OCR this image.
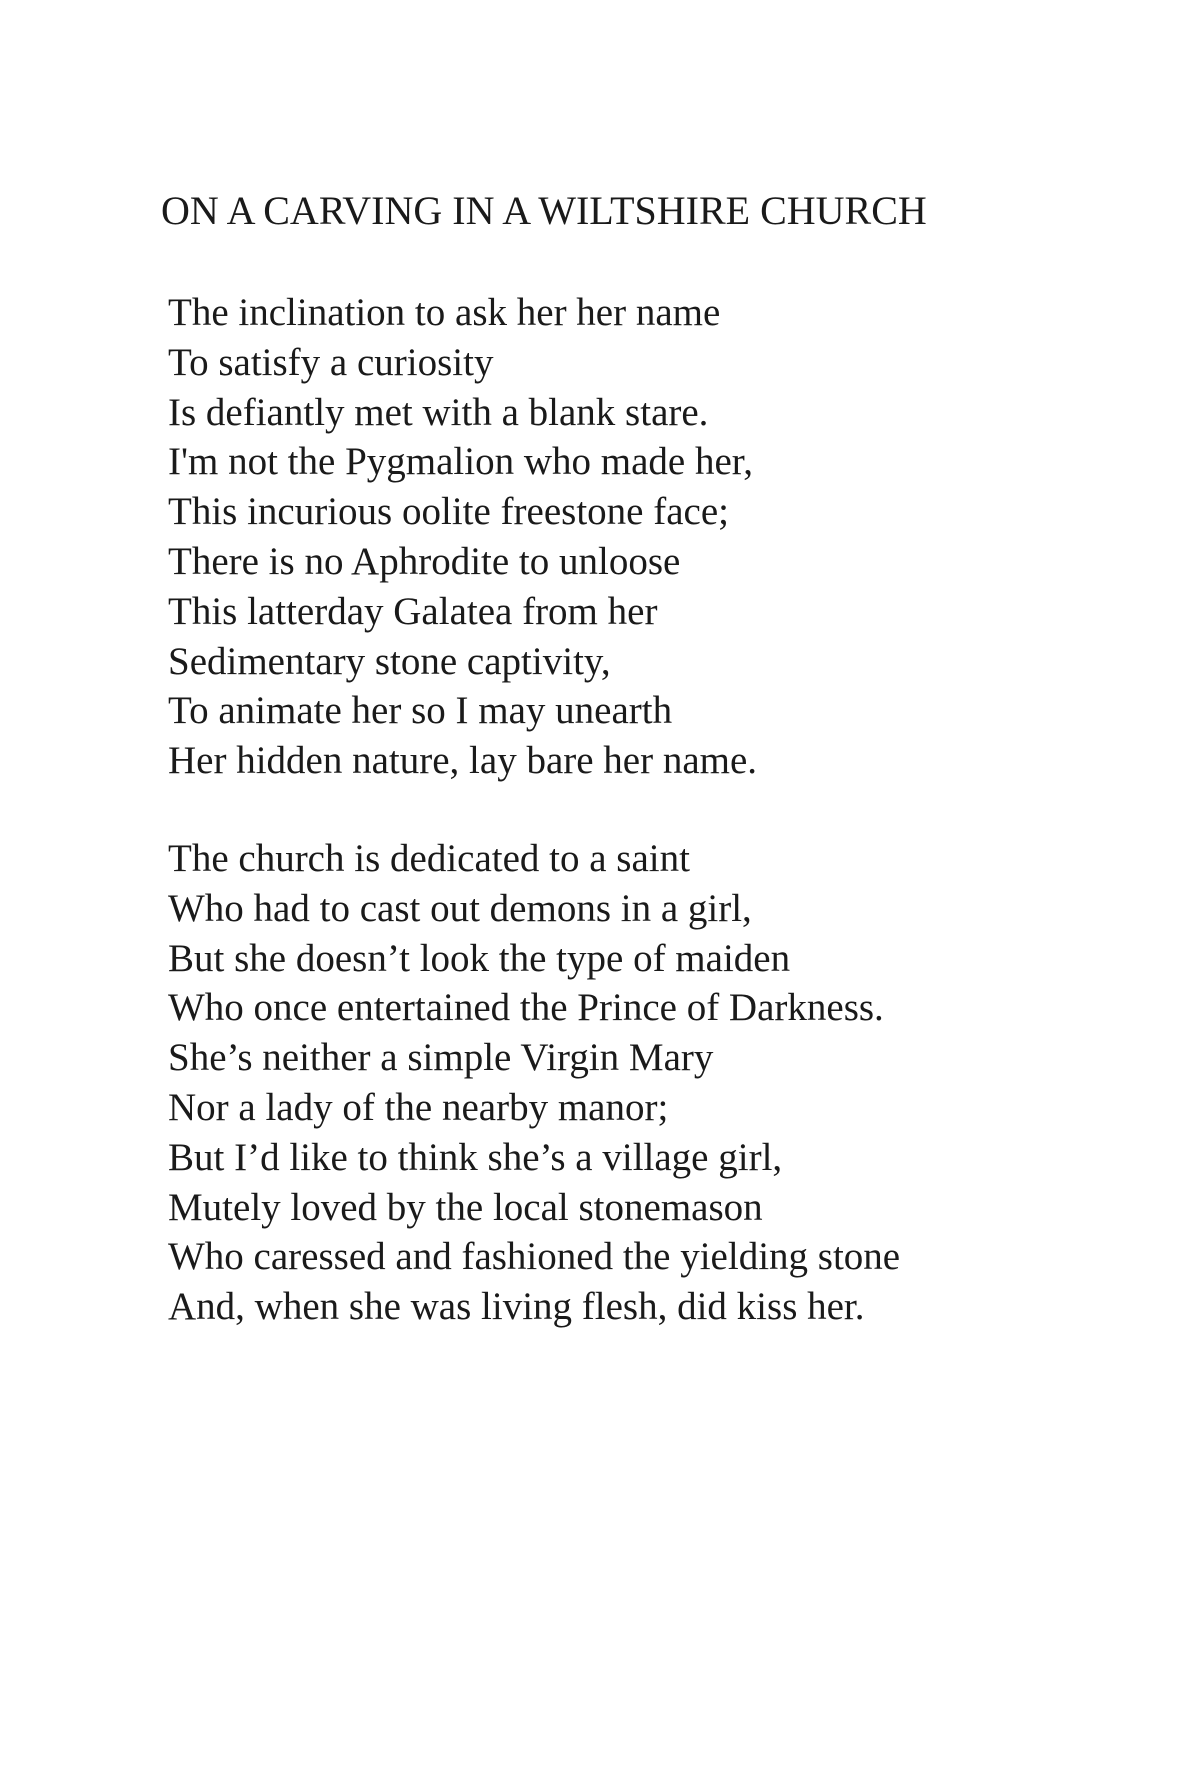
ON A CARVING IN A WILTSHIRE CHURCH
The inclination to ask her her name
To satisfy a curiosity
Is defiantly met with a blank stare.
I'm not the Pygmalion who made her,
This incurious oolite freestone face;
There is no Aphrodite to unloose
This latterday Galatea from her
Sedimentary stone captivity,
To animate her so I may unearth
Her hidden nature, lay bare her name.
The church is dedicated to a saint
Who had to cast out demons in a girl,
But she doesn’t look the type of maiden
Who once entertained the Prince of Darkness.
She’s neither a simple Virgin Mary
Nor a lady of the nearby manor;
But I’d like to think she’s a village girl,
Mutely loved by the local stonemason
Who caressed and fashioned the yielding stone
And, when she was living flesh, did kiss her.
